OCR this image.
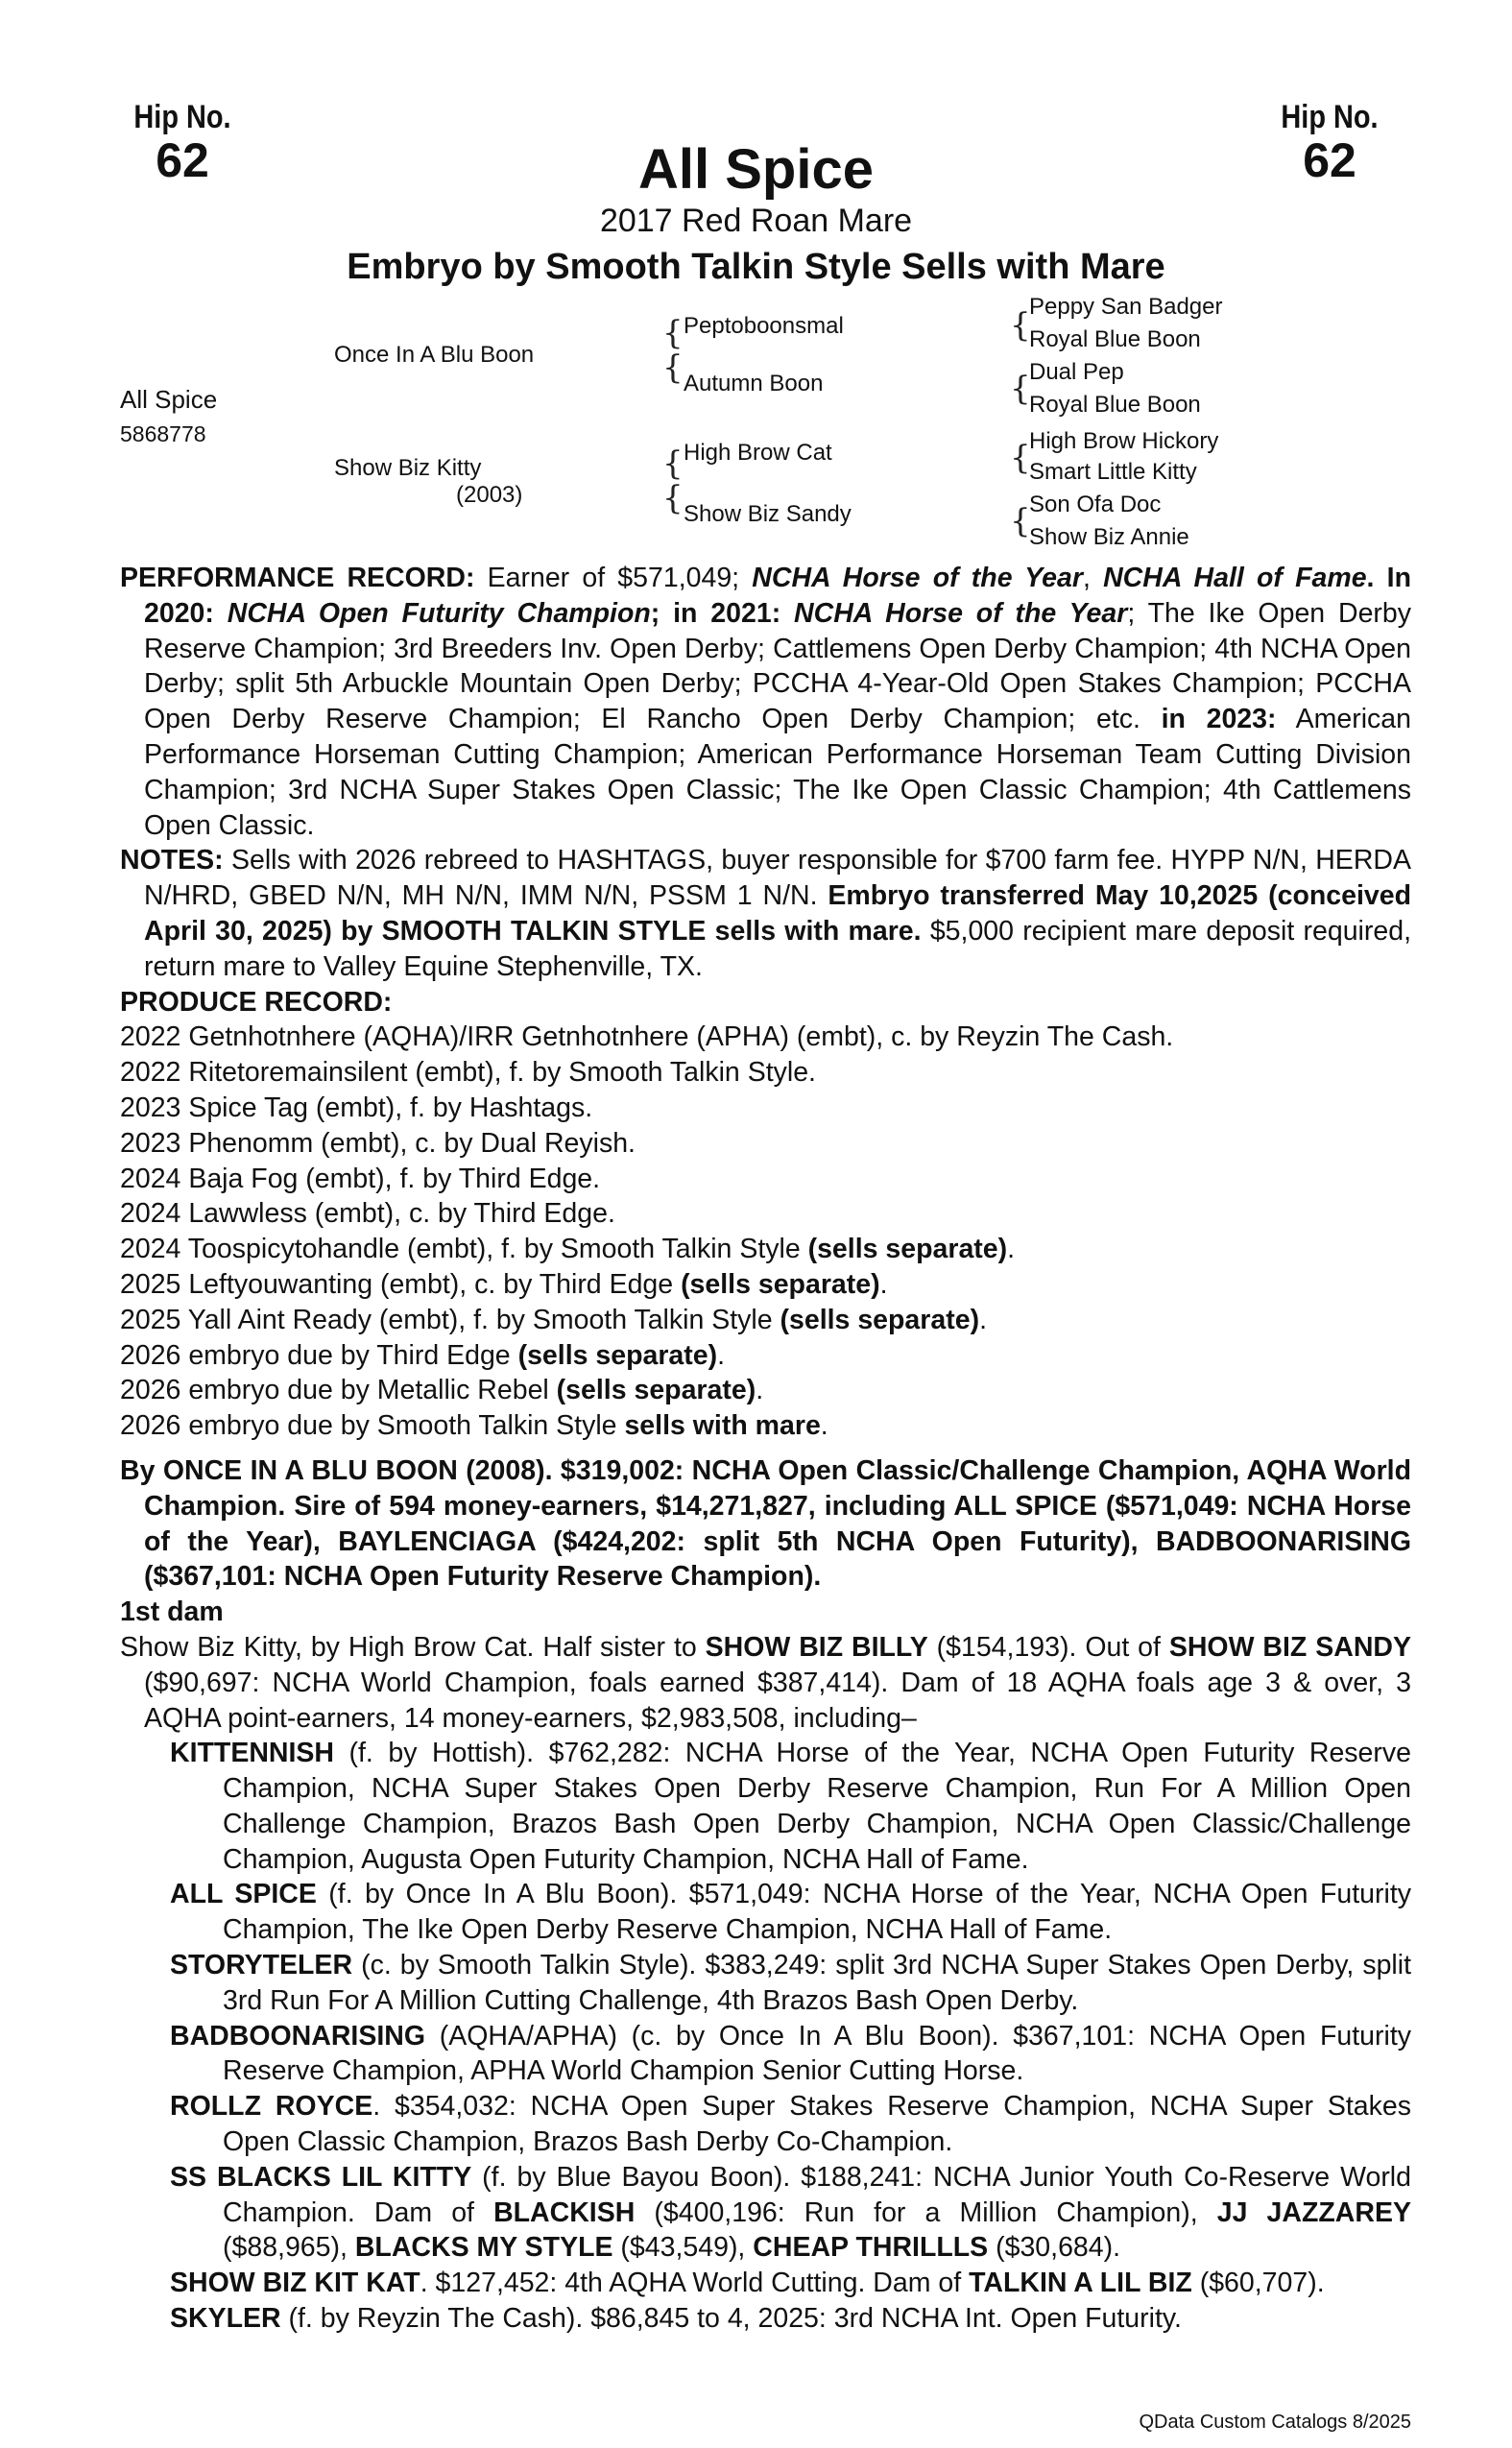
Hip No.
62
Hip No.
62
All Spice
2017 Red Roan Mare
Embryo by Smooth Talkin Style Sells with Mare
All Spice
5868778
Once In A Blu Boon
Show Biz Kitty
(2003)
{
{
Peptoboonsmal
Autumn Boon
{
{
High Brow Cat
Show Biz Sandy
{
Peppy San Badger
Royal Blue Boon
{
Dual Pep
Royal Blue Boon
{
High Brow Hickory
Smart Little Kitty
{
Son Ofa Doc
Show Biz Annie

PERFORMANCE RECORD: Earner of $571,049; NCHA Horse of the Year, NCHA Hall of Fame. In 2020: NCHA Open Futurity Champion; in 2021: NCHA Horse of the Year; The Ike Open Derby Reserve Champion; 3rd Breeders Inv. Open Derby; Cattlemens Open Derby Champion; 4th NCHA Open Derby; split 5th Arbuckle Mountain Open Derby; PCCHA 4-Year-Old Open Stakes Champion; PCCHA Open Derby Reserve Champion; El Rancho Open Derby Champion; etc. in 2023: American Performance Horseman Cutting Champion; American Performance Horseman Team Cutting Division Champion; 3rd NCHA Super Stakes Open Classic; The Ike Open Classic Champion; 4th Cattlemens Open Classic.

NOTES: Sells with 2026 rebreed to HASHTAGS, buyer responsible for $700 farm fee. HYPP N/N, HERDA N/HRD, GBED N/N, MH N/N, IMM N/N, PSSM 1 N/N. Embryo transferred May 10,2025 (conceived April 30, 2025) by SMOOTH TALKIN STYLE sells with mare. $5,000 recipient mare deposit required, return mare to Valley Equine Stephenville, TX.

PRODUCE RECORD:

2022 Getnhotnhere (AQHA)/IRR Getnhotnhere (APHA) (embt), c. by Reyzin The Cash.

2022 Ritetoremainsilent (embt), f. by Smooth Talkin Style.

2023 Spice Tag (embt), f. by Hashtags.

2023 Phenomm (embt), c. by Dual Reyish.

2024 Baja Fog (embt), f. by Third Edge.

2024 Lawwless (embt), c. by Third Edge.

2024 Toospicytohandle (embt), f. by Smooth Talkin Style (sells separate).

2025 Leftyouwanting (embt), c. by Third Edge (sells separate).

2025 Yall Aint Ready (embt), f. by Smooth Talkin Style (sells separate).

2026 embryo due by Third Edge (sells separate).

2026 embryo due by Metallic Rebel (sells separate).

2026 embryo due by Smooth Talkin Style sells with mare.

By ONCE IN A BLU BOON (2008). $319,002: NCHA Open Classic/Challenge Champion, AQHA World Champion. Sire of 594 money-earners, $14,271,827, including ALL SPICE ($571,049: NCHA Horse of the Year), BAYLENCIAGA ($424,202: split 5th NCHA Open Futurity), BADBOONARISING ($367,101: NCHA Open Futurity Reserve Champion).

1st dam

Show Biz Kitty, by High Brow Cat. Half sister to SHOW BIZ BILLY ($154,193). Out of SHOW BIZ SANDY ($90,697: NCHA World Champion, foals earned $387,414). Dam of 18 AQHA foals age 3 & over, 3 AQHA point-earners, 14 money-earners, $2,983,508, including–

KITTENNISH (f. by Hottish). $762,282: NCHA Horse of the Year, NCHA Open Futurity Reserve Champion, NCHA Super Stakes Open Derby Reserve Champion, Run For A Million Open Challenge Champion, Brazos Bash Open Derby Champion, NCHA Open Classic/Challenge Champion, Augusta Open Futurity Champion, NCHA Hall of Fame.

ALL SPICE (f. by Once In A Blu Boon). $571,049: NCHA Horse of the Year, NCHA Open Futurity Champion, The Ike Open Derby Reserve Champion, NCHA Hall of Fame.

STORYTELER (c. by Smooth Talkin Style). $383,249: split 3rd NCHA Super Stakes Open Derby, split 3rd Run For A Million Cutting Challenge, 4th Brazos Bash Open Derby.

BADBOONARISING (AQHA/APHA) (c. by Once In A Blu Boon). $367,101: NCHA Open Futurity Reserve Champion, APHA World Champion Senior Cutting Horse.

ROLLZ ROYCE. $354,032: NCHA Open Super Stakes Reserve Champion, NCHA Super Stakes Open Classic Champion, Brazos Bash Derby Co-Champion.

SS BLACKS LIL KITTY (f. by Blue Bayou Boon). $188,241: NCHA Junior Youth Co-Reserve World Champion. Dam of BLACKISH ($400,196: Run for a Million Champion), JJ JAZZAREY ($88,965), BLACKS MY STYLE ($43,549), CHEAP THRILLLS ($30,684).

SHOW BIZ KIT KAT. $127,452: 4th AQHA World Cutting. Dam of TALKIN A LIL BIZ ($60,707).

SKYLER (f. by Reyzin The Cash). $86,845 to 4, 2025: 3rd NCHA Int. Open Futurity.

QData Custom Catalogs 8/2025
